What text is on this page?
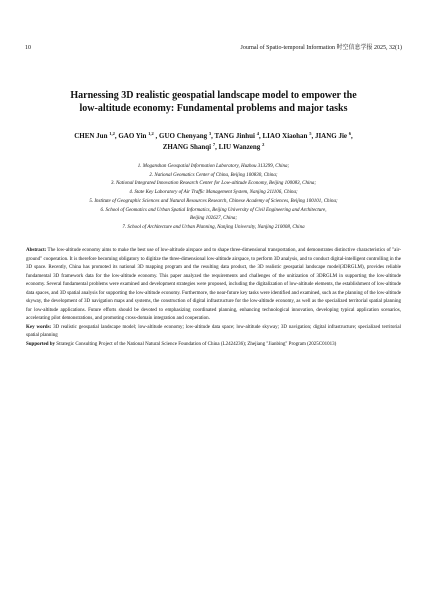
10	Journal of Spatio-temporal Information 时空信息学报 2025, 32(1)
Harnessing 3D realistic geospatial landscape model to empower the
low-altitude economy: Fundamental problems and major tasks
CHEN Jun $^{1,2}$, GAO Yin $^{1,2}$ , GUO Chenyang $^3$, TANG Jinhui $^4$, LIAO Xiaohan $^5$, JIANG Jie $^6$,
ZHANG Shanqi $^7$, LIU Wanzeng $^2$
1. Moganshan Geospatial Information Laboratory, Huzhou 313299, China;
2. National Geomatics Center of China, Beijing 100830, China;
3. National Integrated Innovation Research Center for Low-altitude Economy, Beijing 100083, China;
4. State Key Laboratory of Air Traffic Management System, Nanjing 211106, China;
5. Institute of Geographic Sciences and Natural Resources Research, Chinese Academy of Sciences, Beijing 100101, China;
6. School of Geomatics and Urban Spatial Informatics, Beijing University of Civil Engineering and Architecture,
Beijing 102627, China;
7. School of Architecture and Urban Planning, Nanjing University, Nanjing 210008, China

Abstract: The low-altitude economy aims to make the best use of low-altitude airspace and to shape three-dimensional transportation, and demonstrates distinctive characteristics of "air-ground" cooperation. It is therefore becoming obligatory to digitize the three-dimensional low-altitude airspace, to perform 3D analysis, and to conduct digital-intelligent controlling in the 3D space. Recently, China has promoted its national 3D mapping program and the resulting data product, the 3D realistic geospatial landscape model(3DRGLM), provides reliable fundamental 3D framework data for the low-altitude economy. This paper analyzed the requirements and challenges of the unitization of 3DRGLM in supporting the low-altitude economy. Several fundamental problems were examined and development strategies were proposed, including the digitalization of low-altitude elements, the establishment of low-altitude data spaces, and 3D spatial analysis for supporting the low-altitude economy. Furthermore, the near-future key tasks were identified and examined, such as the planning of the low-altitude skyway, the development of 3D navigation maps and systems, the construction of digital infrastructure for the low-altitude economy, as well as the specialized territorial spatial planning for low-altitude applications. Future efforts should be devoted to emphasizing coordinated planning, enhancing technological innovation, developing typical application scenarios, accelerating pilot demonstrations, and promoting cross-domain integration and cooperation.

Key words: 3D realistic geospatial landscape model; low-altitude economy; low-altitude data space; low-altitude skyway; 3D navigation; digital infrastructure; specialized territorial spatial planning

Supported by Strategic Consulting Project of the National Natural Science Foundation of China (L2424236); Zhejiang "Jianbing" Program (2025C01013)
